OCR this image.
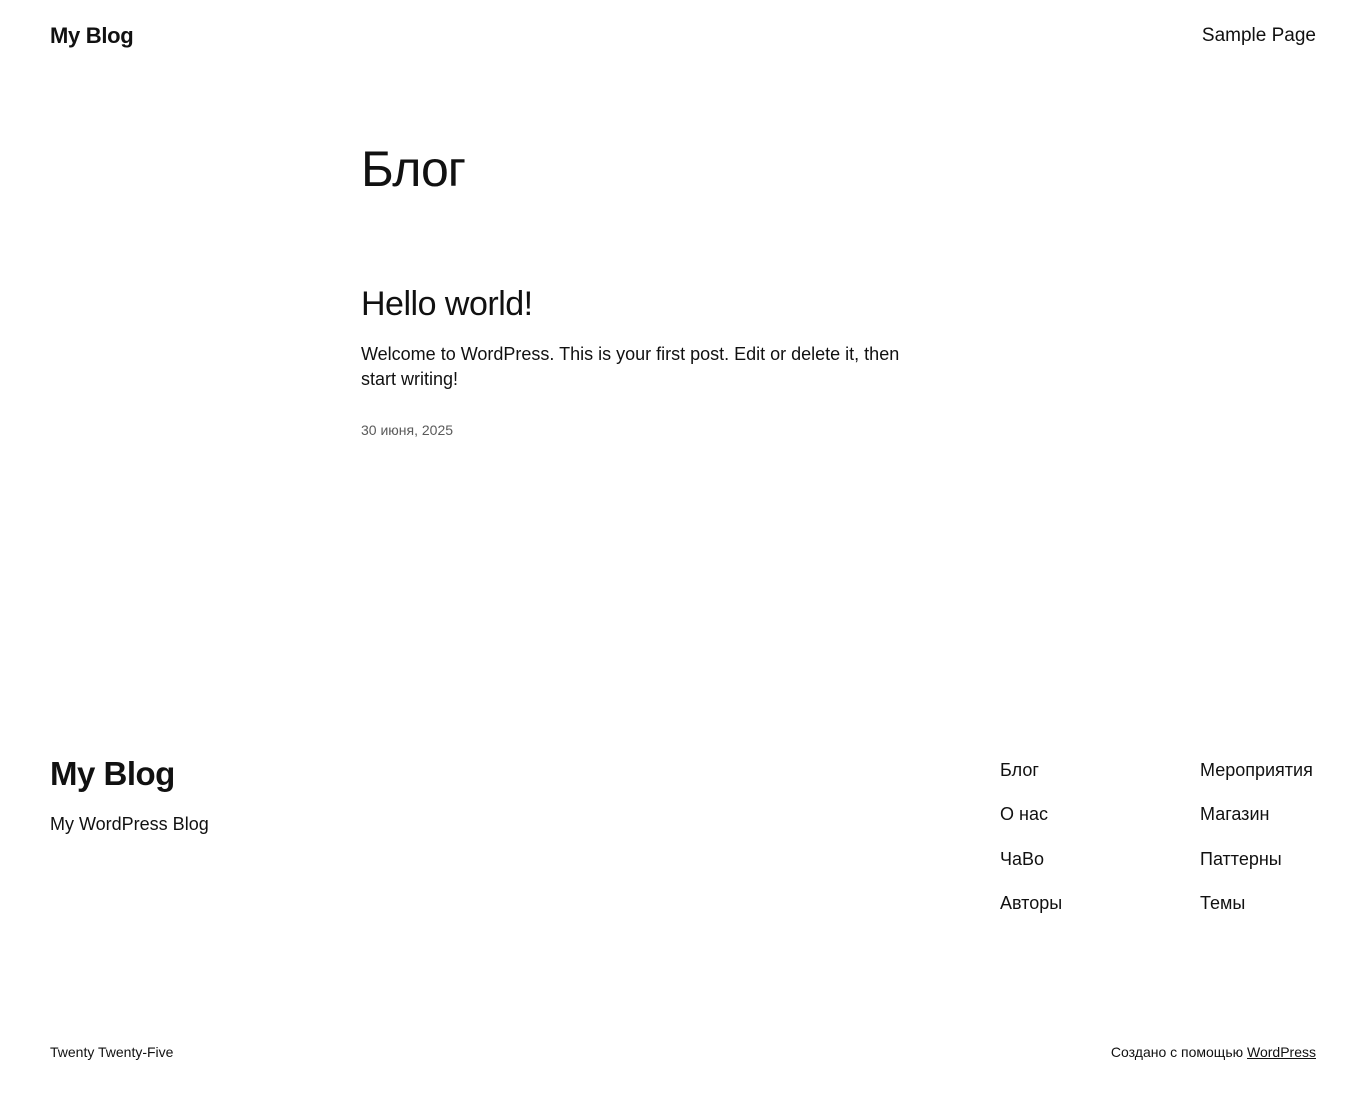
My Blog	Sample Page
Блог
Hello world!

Welcome to WordPress. This is your first post. Edit or delete it, then start writing!

30 июня, 2025

My Blog
My WordPress Blog
Блог
О нас
ЧаВо
Авторы
Мероприятия
Магазин
Паттерны
Темы
Twenty Twenty-Five	Создано с помощью WordPress
